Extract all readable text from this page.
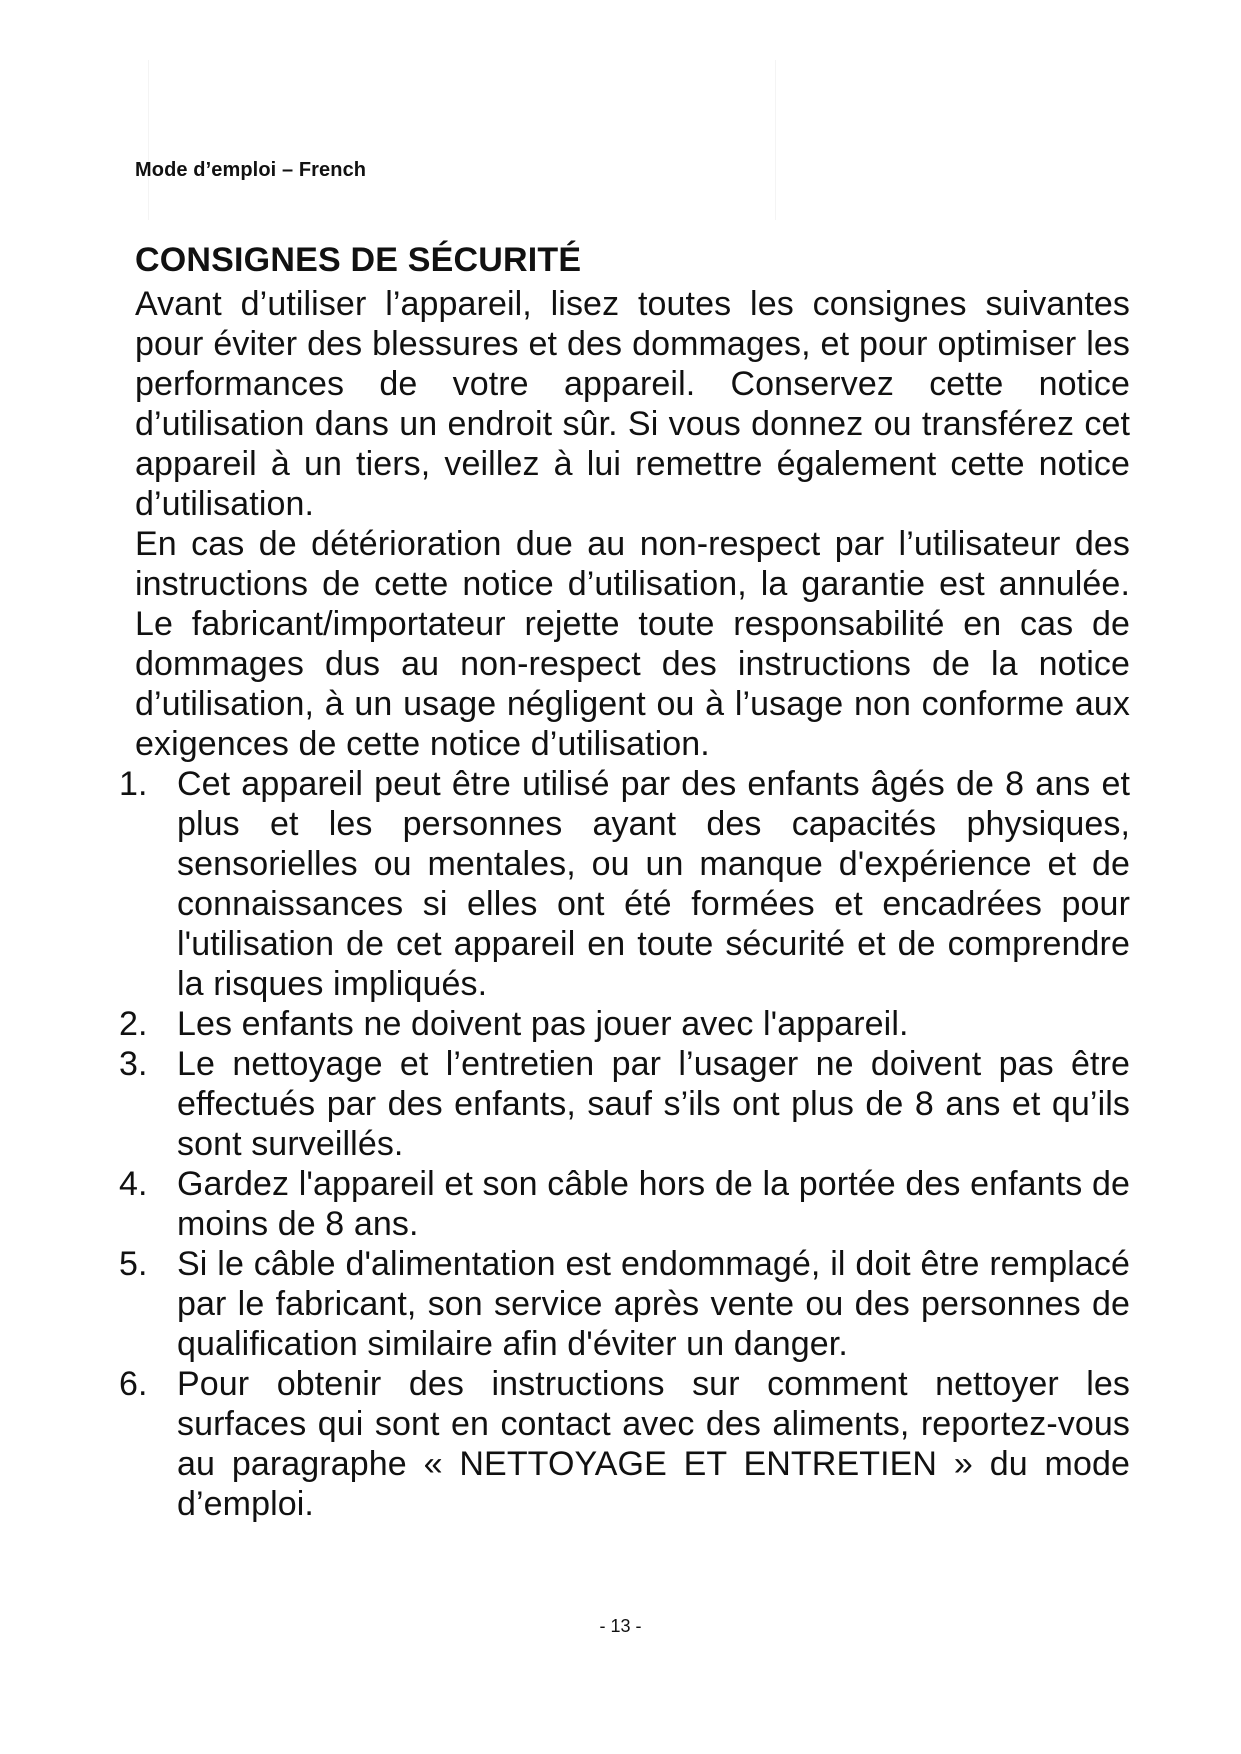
Mode d’emploi – French
CONSIGNES DE SÉCURITÉ

Avant d’utiliser l’appareil, lisez toutes les consignes suivantes pour éviter des blessures et des dommages, et pour optimiser les performances de votre appareil. Conservez cette notice d’utilisation dans un endroit sûr. Si vous donnez ou transférez cet appareil à un tiers, veillez à lui remettre également cette notice d’utilisation.

En cas de détérioration due au non-respect par l’utilisateur des instructions de cette notice d’utilisation, la garantie est annulée. Le fabricant/importateur rejette toute responsabilité en cas de dommages dus au non-respect des instructions de la notice d’utilisation, à un usage négligent ou à l’usage non conforme aux exigences de cette notice d’utilisation.

1. Cet appareil peut être utilisé par des enfants âgés de 8 ans et plus et les personnes ayant des capacités physiques, sensorielles ou mentales, ou un manque d'expérience et de connaissances si elles ont été formées et encadrées pour l'utilisation de cet appareil en toute sécurité et de comprendre la risques impliqués.
2. Les enfants ne doivent pas jouer avec l'appareil.
3. Le nettoyage et l’entretien par l’usager ne doivent pas être effectués par des enfants, sauf s’ils ont plus de 8 ans et qu’ils sont surveillés.
4. Gardez l'appareil et son câble hors de la portée des enfants de moins de 8 ans.
5. Si le câble d'alimentation est endommagé, il doit être remplacé par le fabricant, son service après vente ou des personnes de qualification similaire afin d'éviter un danger.
6. Pour obtenir des instructions sur comment nettoyer les surfaces qui sont en contact avec des aliments, reportez-vous au paragraphe « NETTOYAGE ET ENTRETIEN » du mode d’emploi.
- 13 -
